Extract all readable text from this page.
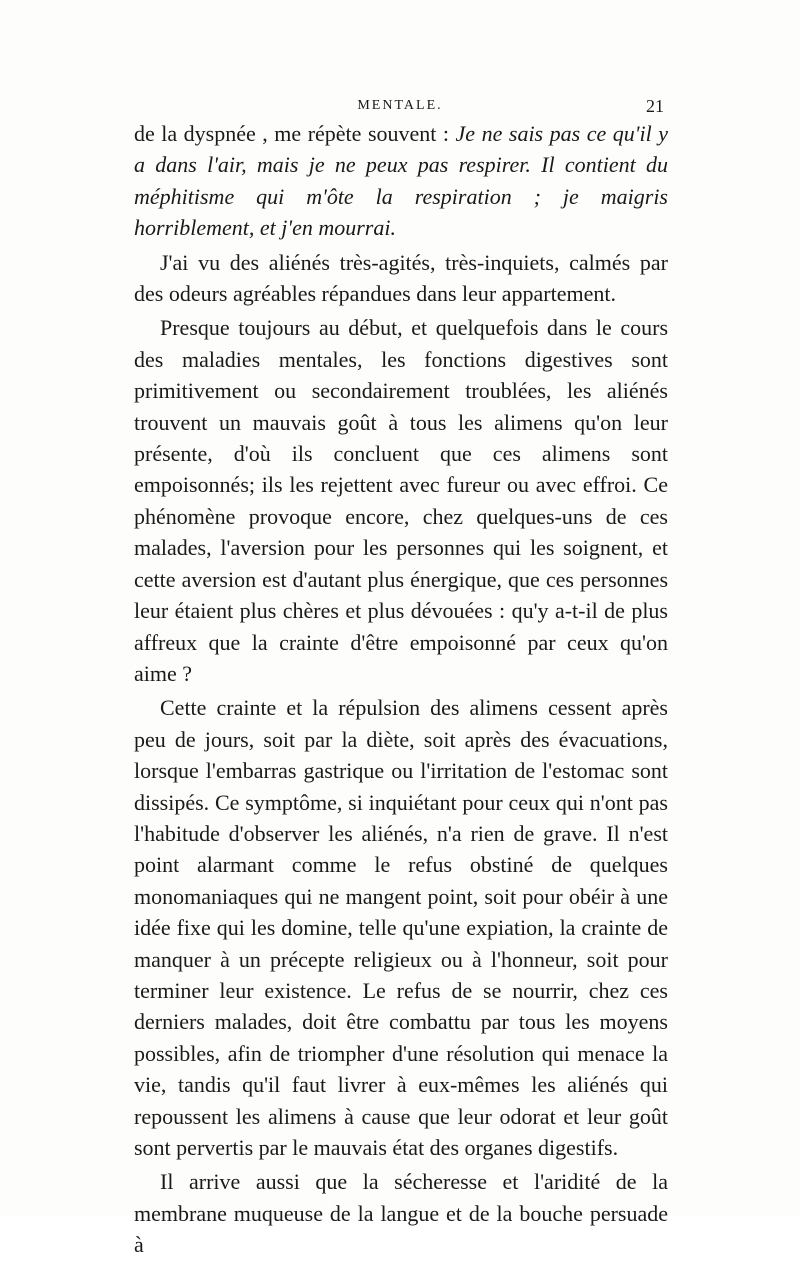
MENTALE.	21

de la dyspnée , me répète souvent : Je ne sais pas ce qu'il y a dans l'air, mais je ne peux pas respirer. Il contient du méphitisme qui m'ôte la respiration ; je maigris horriblement, et j'en mourrai.

J'ai vu des aliénés très-agités, très-inquiets, calmés par des odeurs agréables répandues dans leur appartement.

Presque toujours au début, et quelquefois dans le cours des maladies mentales, les fonctions digestives sont primitivement ou secondairement troublées, les aliénés trouvent un mauvais goût à tous les alimens qu'on leur présente, d'où ils concluent que ces alimens sont empoisonnés; ils les rejettent avec fureur ou avec effroi. Ce phénomène provoque encore, chez quelques-uns de ces malades, l'aversion pour les personnes qui les soignent, et cette aversion est d'autant plus énergique, que ces personnes leur étaient plus chères et plus dévouées : qu'y a-t-il de plus affreux que la crainte d'être empoisonné par ceux qu'on aime ?

Cette crainte et la répulsion des alimens cessent après peu de jours, soit par la diète, soit après des évacuations, lorsque l'embarras gastrique ou l'irritation de l'estomac sont dissipés. Ce symptôme, si inquiétant pour ceux qui n'ont pas l'habitude d'observer les aliénés, n'a rien de grave. Il n'est point alarmant comme le refus obstiné de quelques monomaniaques qui ne mangent point, soit pour obéir à une idée fixe qui les domine, telle qu'une expiation, la crainte de manquer à un précepte religieux ou à l'honneur, soit pour terminer leur existence. Le refus de se nourrir, chez ces derniers malades, doit être combattu par tous les moyens possibles, afin de triompher d'une résolution qui menace la vie, tandis qu'il faut livrer à eux-mêmes les aliénés qui repoussent les alimens à cause que leur odorat et leur goût sont pervertis par le mauvais état des organes digestifs.

Il arrive aussi que la sécheresse et l'aridité de la membrane muqueuse de la langue et de la bouche persuade à
